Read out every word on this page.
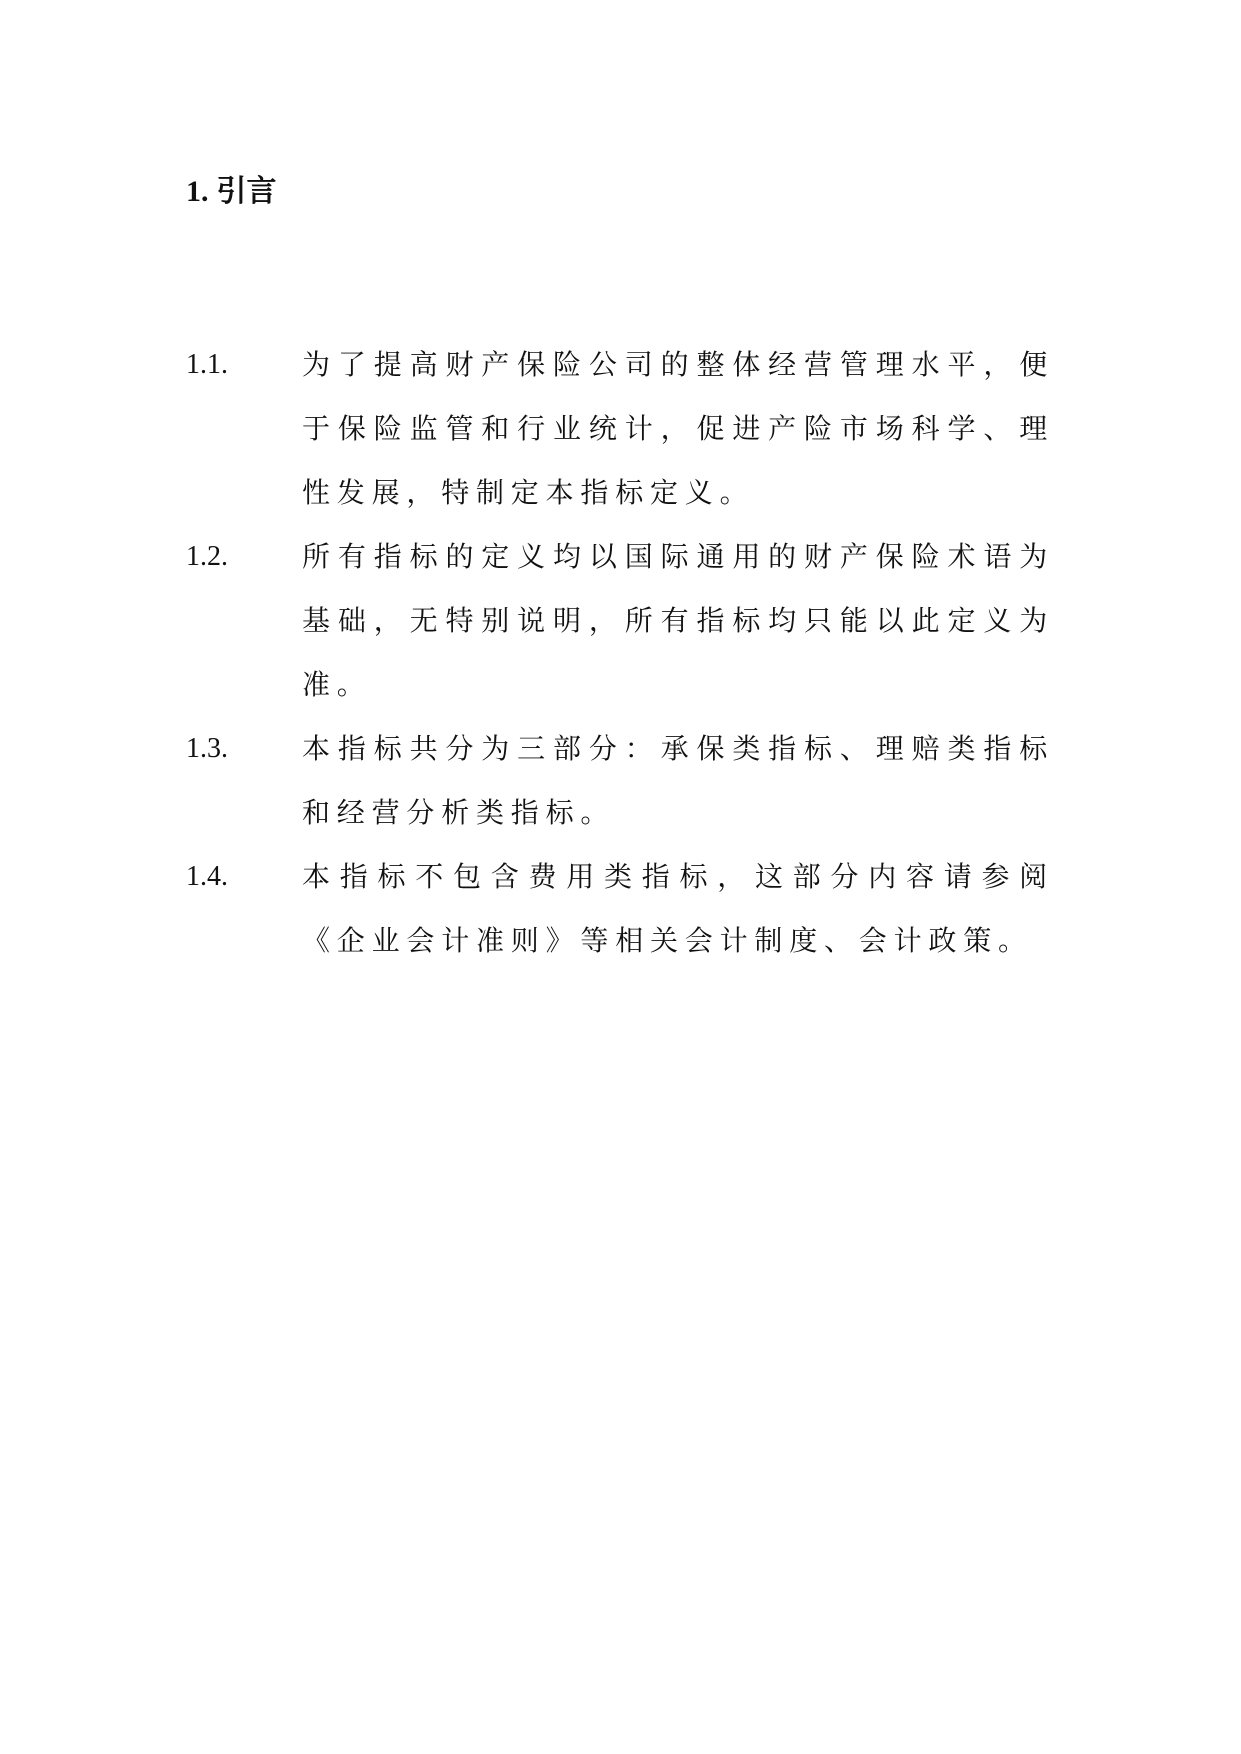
1. 引言
1.1.	为了提高财产保险公司的整体经营管理水平，便于保险监管和行业统计，促进产险市场科学、理性发展，特制定本指标定义。
1.2.	所有指标的定义均以国际通用的财产保险术语为基础，无特别说明，所有指标均只能以此定义为准。
1.3.	本指标共分为三部分：承保类指标、理赔类指标和经营分析类指标。
1.4.	本指标不包含费用类指标，这部分内容请参阅《企业会计准则》等相关会计制度、会计政策。
